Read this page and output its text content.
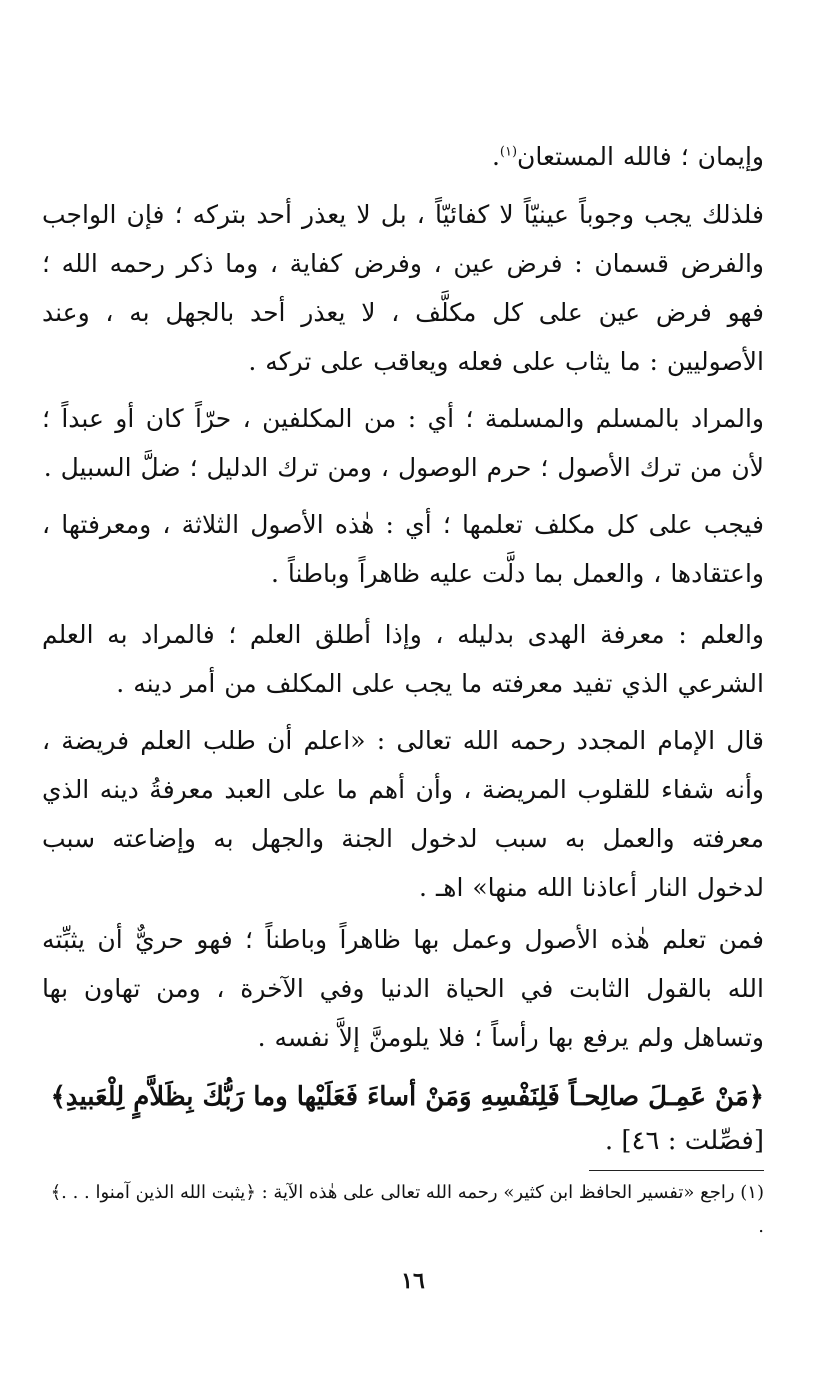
وإيمان ؛ فالله المستعان$^{(١)}$.
فلذلك يجب وجوباً عينيّاً لا كفائيّاً ، بل لا يعذر أحد بتركه ؛ فإن الواجب والفرض قسمان : فرض عين ، وفرض كفاية ، وما ذكر رحمه الله ؛ فهو فرض عين على كل مكلَّف ، لا يعذر أحد بالجهل به ، وعند الأصوليين : ما يثاب على فعله ويعاقب على تركه .
والمراد بالمسلم والمسلمة ؛ أي : من المكلفين ، حرّاً كان أو عبداً ؛ لأن من ترك الأصول ؛ حرم الوصول ، ومن ترك الدليل ؛ ضلَّ السبيل .
فيجب على كل مكلف تعلمها ؛ أي : هٰذه الأصول الثلاثة ، ومعرفتها ، واعتقادها ، والعمل بما دلَّت عليه ظاهراً وباطناً .
والعلم : معرفة الهدى بدليله ، وإذا أطلق العلم ؛ فالمراد به العلم الشرعي الذي تفيد معرفته ما يجب على المكلف من أمر دينه .
قال الإمام المجدد رحمه الله تعالى : «اعلم أن طلب العلم فريضة ، وأنه شفاء للقلوب المريضة ، وأن أهم ما على العبد معرفةُ دينه الذي معرفته والعمل به سبب لدخول الجنة والجهل به وإضاعته سبب لدخول النار أعاذنا الله منها» اهـ .
فمن تعلم هٰذه الأصول وعمل بها ظاهراً وباطناً ؛ فهو حريٌّ أن يثبِّته الله بالقول الثابت في الحياة الدنيا وفي الآخرة ، ومن تهاون بها وتساهل ولم يرفع بها رأساً ؛ فلا يلومنَّ إلاَّ نفسه .
﴿مَنْ عَمِـلَ صالِحـاً فَلِنَفْسِهِ وَمَنْ أساءَ فَعَلَيْها وما رَبُّكَ بِظَلاَّمٍ لِلْعَبيدِ﴾
[فصِّلت : ٤٦] .
(١) راجع «تفسير الحافظ ابن كثير» رحمه الله تعالى على هٰذه الآية : ﴿يثبت الله الذين آمنوا . . .﴾ .
١٦
